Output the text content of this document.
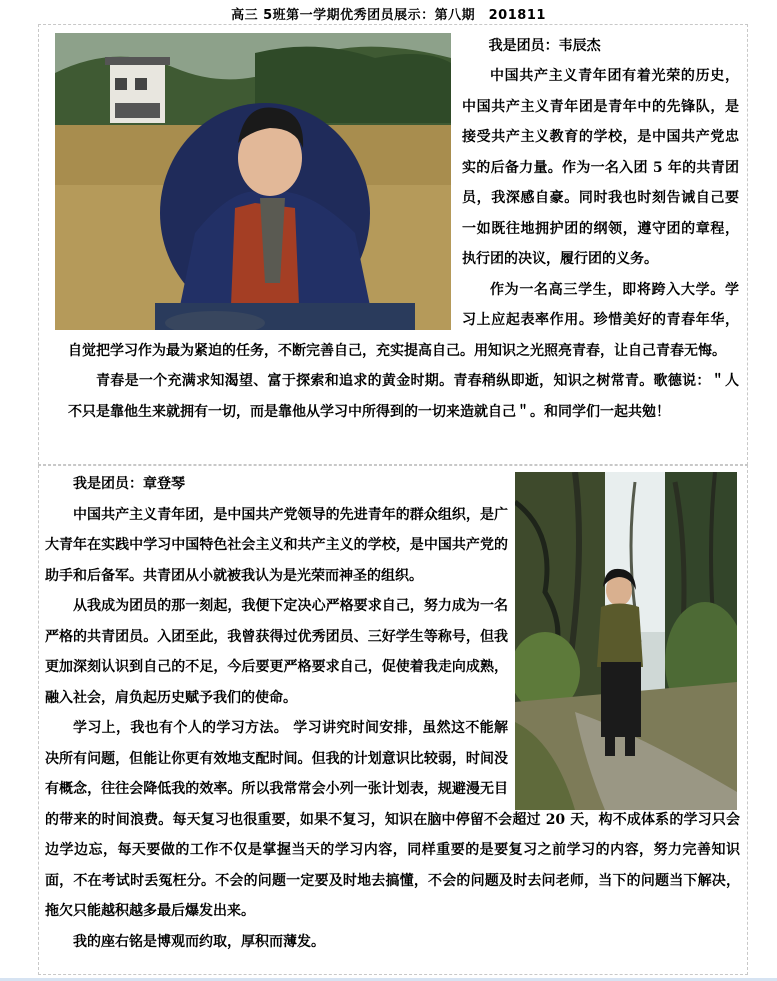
高三 5班第一学期优秀团员展示：第八期　201811

我是团员：韦辰杰

中国共产主义青年团有着光荣的历史，中国共产主义青年团是青年中的先锋队，是接受共产主义教育的学校，是中国共产党忠实的后备力量。作为一名入团 5 年的共青团员，我深感自豪。同时我也时刻告诫自己要一如既往地拥护团的纲领，遵守团的章程，执行团的决议，履行团的义务。

作为一名高三学生，即将跨入大学。学习上应起表率作用。珍惜美好的青春年华，自觉把学习作为最为紧迫的任务，不断完善自己，充实提高自己。用知识之光照亮青春，让自己青春无悔。

青春是一个充满求知渴望、富于探索和追求的黄金时期。青春稍纵即逝，知识之树常青。歌德说：＂人不只是靠他生来就拥有一切，而是靠他从学习中所得到的一切来造就自己＂。和同学们一起共勉！

我是团员：章登琴

中国共产主义青年团，是中国共产党领导的先进青年的群众组织，是广大青年在实践中学习中国特色社会主义和共产主义的学校，是中国共产党的助手和后备军。共青团从小就被我认为是光荣而神圣的组织。

从我成为团员的那一刻起，我便下定决心严格要求自己，努力成为一名严格的共青团员。入团至此，我曾获得过优秀团员、三好学生等称号，但我更加深刻认识到自己的不足，今后要更严格要求自己，促使着我走向成熟，融入社会，肩负起历史赋予我们的使命。

学习上，我也有个人的学习方法。 学习讲究时间安排，虽然这不能解决所有问题，但能让你更有效地支配时间。但我的计划意识比较弱，时间没有概念，往往会降低我的效率。所以我常常会小列一张计划表，规避漫无目的带来的时间浪费。每天复习也很重要，如果不复习，知识在脑中停留不会超过 20 天，构不成体系的学习只会边学边忘，每天要做的工作不仅是掌握当天的学习内容，同样重要的是要复习之前学习的内容，努力完善知识面，不在考试时丢冤枉分。不会的问题一定要及时地去搞懂，不会的问题及时去问老师，当下的问题当下解决，拖欠只能越积越多最后爆发出来。

我的座右铭是博观而约取，厚积而薄发。
